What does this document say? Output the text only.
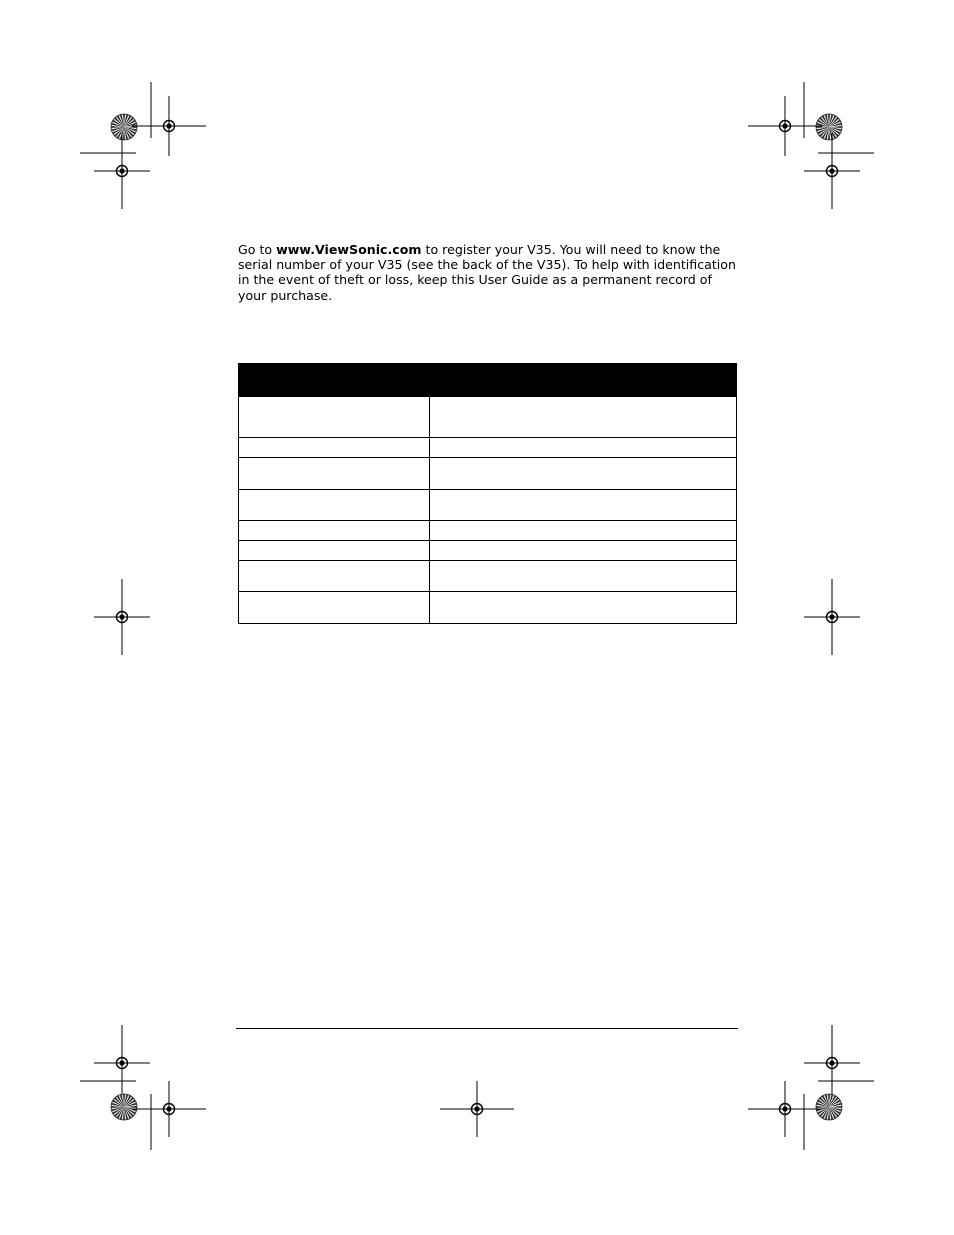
Go to www.ViewSonic.com to register your V35. You will need to know the serial number of your V35 (see the back of the V35). To help with identification in the event of theft or loss, keep this User Guide as a permanent record of your purchase.
